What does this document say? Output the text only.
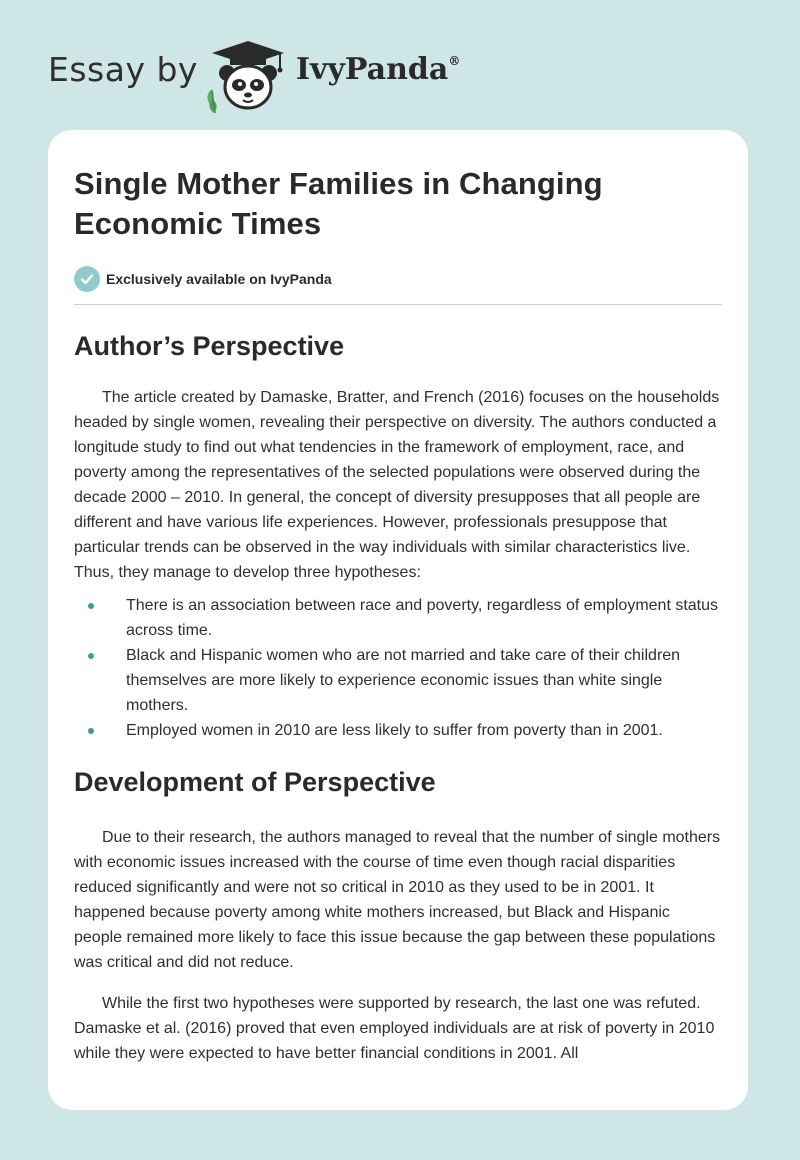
Essay by	IvyPanda®
Single Mother Families in Changing Economic Times
Exclusively available on IvyPanda
Author’s Perspective

The article created by Damaske, Bratter, and French (2016) focuses on the households headed by single women, revealing their perspective on diversity. The authors conducted a longitude study to find out what tendencies in the framework of employment, race, and poverty among the representatives of the selected populations were observed during the decade 2000 – 2010. In general, the concept of diversity presupposes that all people are different and have various life experiences. However, professionals presuppose that particular trends can be observed in the way individuals with similar characteristics live. Thus, they manage to develop three hypotheses:

There is an association between race and poverty, regardless of employment status across time.
Black and Hispanic women who are not married and take care of their children themselves are more likely to experience economic issues than white single mothers.
Employed women in 2010 are less likely to suffer from poverty than in 2001.
Development of Perspective

Due to their research, the authors managed to reveal that the number of single mothers with economic issues increased with the course of time even though racial disparities reduced significantly and were not so critical in 2010 as they used to be in 2001. It happened because poverty among white mothers increased, but Black and Hispanic people remained more likely to face this issue because the gap between these populations was critical and did not reduce.

While the first two hypotheses were supported by research, the last one was refuted. Damaske et al. (2016) proved that even employed individuals are at risk of poverty in 2010 while they were expected to have better financial conditions in 2001. All
